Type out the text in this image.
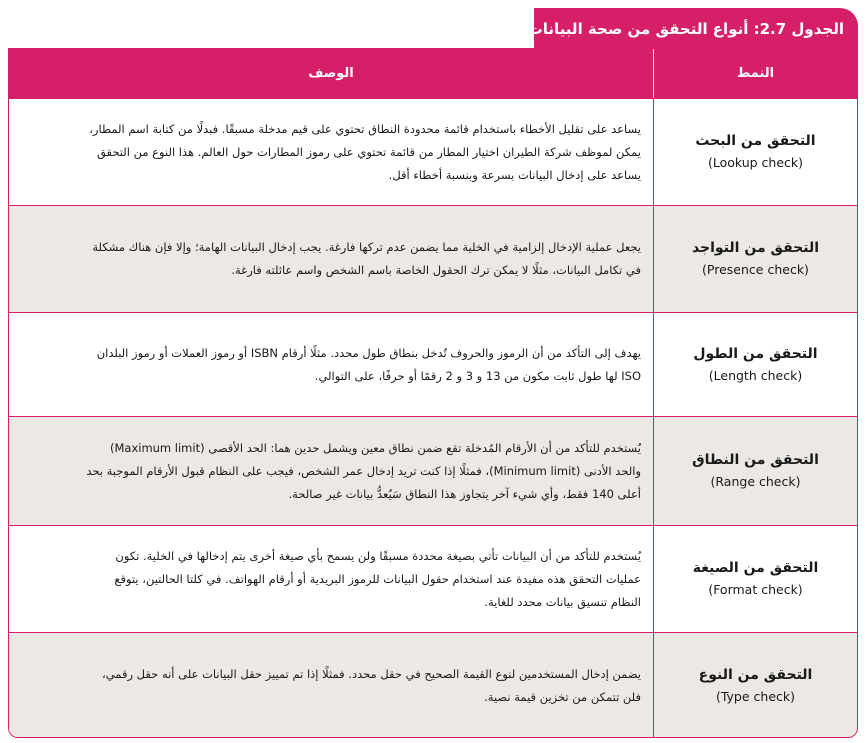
الجدول 2.7: أنواع التحقق من صحة البيانات
الوصف	النمط
يساعد على تقليل الأخطاء باستخدام قائمة محدودة النطاق تحتوي على قيم مدخلة مسبقًا. فبدلًا من كتابة اسم المطار،
يمكن لموظف شركة الطيران اختيار المطار من قائمة تحتوي على رموز المطارات حول العالم. هذا النوع من التحقق
يساعد على إدخال البيانات بسرعة وبنسبة أخطاء أقل.
التحقق من البحث
(Lookup check)
يجعل عملية الإدخال إلزامية في الخلية مما يضمن عدم تركها فارغة. يجب إدخال البيانات الهامة؛ وإلا فإن هناك مشكلة
في تكامل البيانات، مثلًا لا يمكن ترك الحقول الخاصة باسم الشخص واسم عائلته فارغة.
التحقق من التواجد
(Presence check)
يهدف إلى التأكد من أن الرموز والحروف تُدخل بنطاق طول محدد. مثلًا أرقام ISBN أو رموز العملات أو رموز البلدان
ISO لها طول ثابت مكون من 13 و 3 و 2 رقمًا أو حرفًا، على التوالي.
التحقق من الطول
(Length check)
يُستخدم للتأكد من أن الأرقام المُدخلة تقع ضمن نطاق معين ويشمل حدين هما: الحد الأقصى (Maximum limit)
والحد الأدنى (Minimum limit)، فمثلًا إذا كنت تريد إدخال عمر الشخص، فيجب على النظام قبول الأرقام الموجبة بحد
أعلى 140 فقط، وأي شيء آخر يتجاوز هذا النطاق سَيُعدُّ بيانات غير صالحة.
التحقق من النطاق
(Range check)
يُستخدم للتأكد من أن البيانات تأتي بصيغة محددة مسبقًا ولن يسمح بأي صيغة أخرى يتم إدخالها في الخلية. تكون
عمليات التحقق هذه مفيدة عند استخدام حقول البيانات للرموز البريدية أو أرقام الهواتف. في كلتا الحالتين، يتوقع
النظام تنسيق بيانات محدد للغاية.
التحقق من الصيغة
(Format check)
يضمن إدخال المستخدمين لنوع القيمة الصحيح في حقل محدد. فمثلًا إذا تم تمييز حقل البيانات على أنه حقل رقمي،
فلن تتمكن من تخزين قيمة نصية.
التحقق من النوع
(Type check)
